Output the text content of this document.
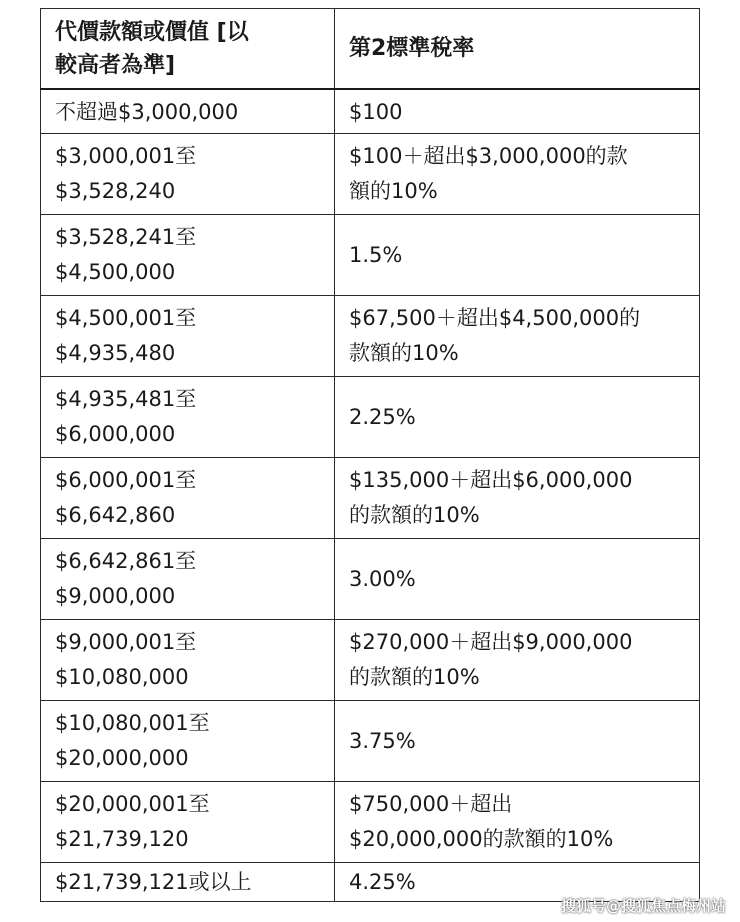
代價款額或價值 [以
較高者為準]	第2標準稅率

不超過$3,000,000	$100

$3,000,001至
$3,528,240	$100＋超出$3,000,000的款
額的10%

$3,528,241至
$4,500,000	1.5%

$4,500,001至
$4,935,480	$67,500＋超出$4,500,000的
款額的10%

$4,935,481至
$6,000,000	2.25%

$6,000,001至
$6,642,860	$135,000＋超出$6,000,000
的款額的10%

$6,642,861至
$9,000,000	3.00%

$9,000,001至
$10,080,000	$270,000＋超出$9,000,000
的款額的10%

$10,080,001至
$20,000,000	3.75%

$20,000,001至
$21,739,120	$750,000＋超出
$20,000,000的款額的10%

$21,739,121或以上	4.25%
搜狐号@搜狐焦点梅州站
